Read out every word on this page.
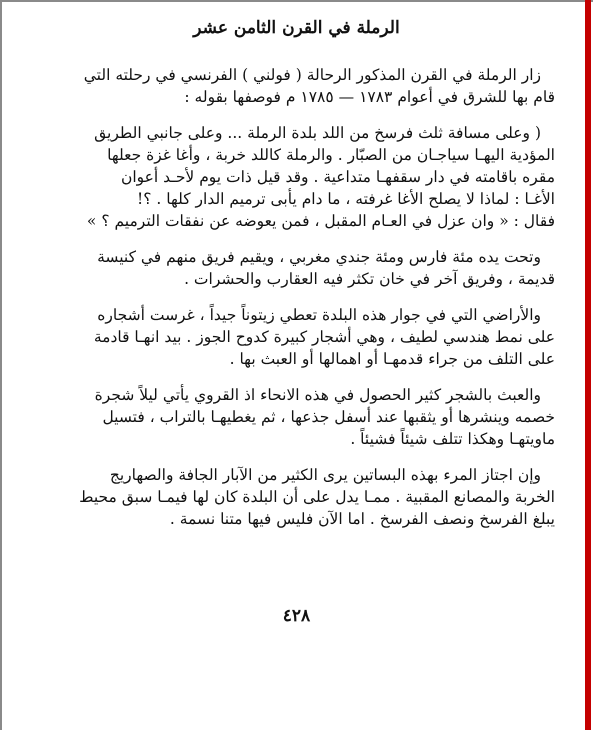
الرملة في القرن الثامن عشر
زار الرملة في القرن المذكور الرحالة ( فولني ) الفرنسي في رحلته التي
قام بها للشرق في أعوام ١٧٨٣ — ١٧٨٥ م فوصفها بقوله :
( وعلى مسافة ثلث فرسخ من اللد بلدة الرملة ... وعلى جانبي الطريق
المؤدية اليهـا سياجـان من الصبّار . والرملة كاللد خربة ، وأغا غزة جعلها
مقره باقامته في دار سقفهـا متداعية . وقد قيل ذات يوم لأحـد أعوان
الأغـا : لماذا لا يصلح الأغا غرفته ، ما دام يأبى ترميم الدار كلها . ؟!
فقال : « وان عزل في العـام المقبل ، فمن يعوضه عن نفقات الترميم ؟ »
وتحت يده مئة فارس ومئة جندي مغربي ، ويقيم فريق منهم في كنيسة
قديمة ، وفريق آخر في خان تكثر فيه العقارب والحشرات .
والأراضي التي في جوار هذه البلدة تعطي زيتوناً جيداً ، غرست أشجاره
على نمط هندسي لطيف ، وهي أشجار كبيرة كدوح الجوز . بيد انهـا قادمة
على التلف من جراء قدمهـا أو اهمالها أو العبث بها .
والعبث بالشجر كثير الحصول في هذه الانحاء اذ القروي يأتي ليلاً شجرة
خصمه وينشرها أو يثقبها عند أسفل جذعها ، ثم يغطيهـا بالتراب ، فتسيل
ماويتهـا وهكذا تتلف شيئاً فشيئاً .
وإن اجتاز المرء بهذه البساتين يرى الكثير من الآبار الجافة والصهاريج
الخربة والمصانع المقبية . ممـا يدل على أن البلدة كان لها فيمـا سبق محيط
يبلغ الفرسخ ونصف الفرسخ . اما الآن فليس فيها متنا نسمة .
٤٢٨
